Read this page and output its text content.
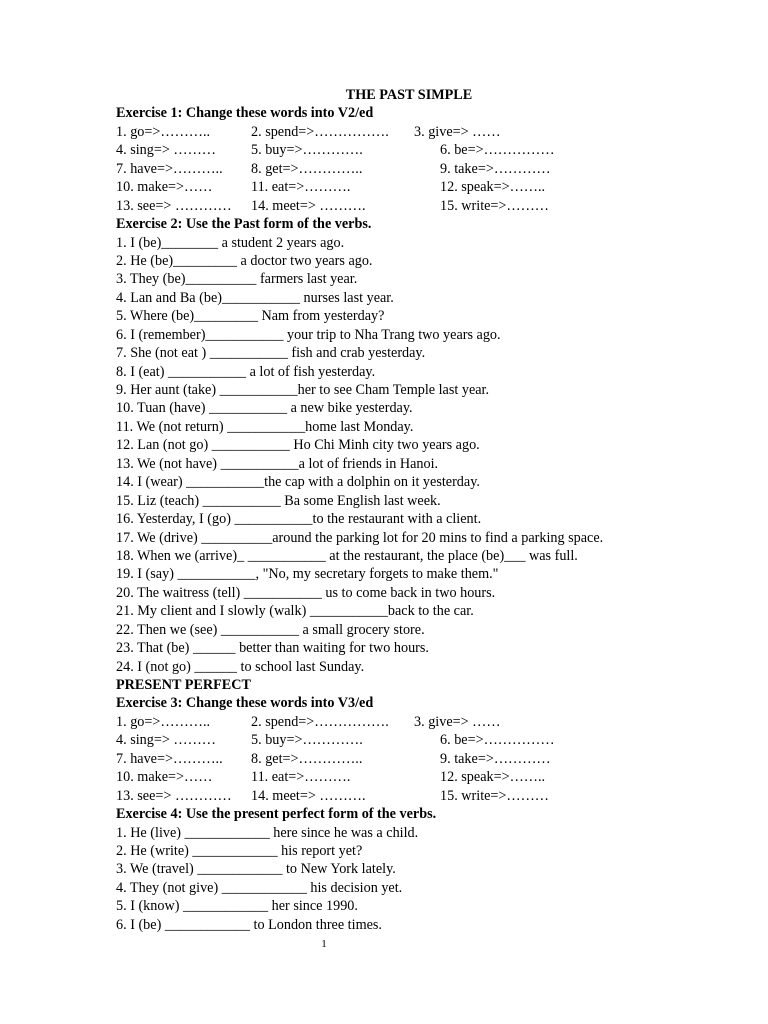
THE PAST SIMPLE
Exercise 1: Change these words into V2/ed
1. go=>………..	2. spend=>……………. 3. give=> ……
4. sing=> ……… 5. buy=>………….	6. be=>……………
7. have=>……….. 8. get=>…………..	9. take=>…………
10. make=>……	11. eat=>……….	12. speak=>……..
13. see=> ………… 14. meet=> ……….	15. write=>………
Exercise 2: Use the Past form of the verbs.
1. I (be)________ a student 2 years ago.
2. He (be)_________ a doctor two years ago.
3. They (be)__________ farmers last year.
4. Lan and Ba (be)___________ nurses last year.
5. Where (be)_________ Nam from yesterday?
6. I (remember)___________ your trip to Nha Trang two years ago.
7. She (not eat ) ___________ fish and crab yesterday.
8. I (eat) ___________ a lot of fish yesterday.
9. Her aunt (take) ___________her to see Cham Temple last year.
10. Tuan (have) ___________ a new bike yesterday.
11. We (not return) ___________home last Monday.
12. Lan (not go) ___________ Ho Chi Minh city two years ago.
13. We (not have) ___________a lot of friends in Hanoi.
14. I (wear) ___________the cap with a dolphin on it yesterday.
15. Liz (teach) ___________ Ba some English last week.
16. Yesterday, I (go) ___________to the restaurant with a client.
17. We (drive) __________around the parking lot for 20 mins to find a parking space.
18. When we (arrive)_ ___________ at the restaurant, the place (be)___ was full.
19. I (say) ___________, "No, my secretary forgets to make them."
20. The waitress (tell) ___________ us to come back in two hours.
21. My client and I slowly (walk) ___________back to the car.
22. Then we (see) ___________ a small grocery store.
23. That (be) ______ better than waiting for two hours.
24. I (not go) ______ to school last Sunday.
PRESENT PERFECT
Exercise 3: Change these words into V3/ed
1. go=>………..	2. spend=>……………. 3. give=> ……
4. sing=> ……… 5. buy=>………….	6. be=>……………
7. have=>……….. 8. get=>…………..	9. take=>…………
10. make=>……	11. eat=>……….	12. speak=>……..
13. see=> ………… 14. meet=> ……….	15. write=>………
Exercise 4: Use the present perfect form of the verbs.
1. He (live) ____________ here since he was a child.
2. He (write) ____________ his report yet?
3. We (travel) ____________ to New York lately.
4. They (not give) ____________ his decision yet.
5. I (know) ____________ her since 1990.
6. I (be) ____________ to London three times.
1
